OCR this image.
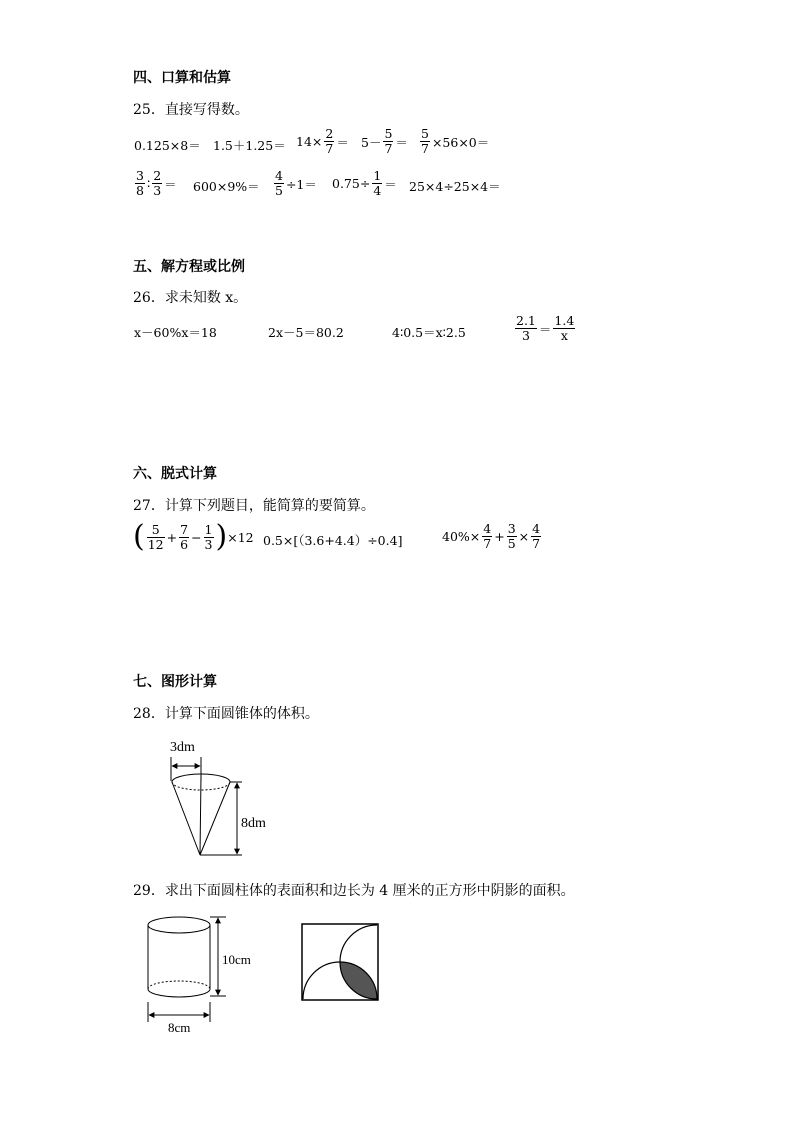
四、口算和估算
25．直接写得数。
$0.125\times 8= 1.5+1.25= 14\times \frac{2}{7} = 5- \frac{5}{7} = \frac{5}{7} \times 56\times 0=$
$\frac{3}{8}$ ∶ $\frac{2}{3} = 600\times 9\%= \frac{4}{5} \div 1= 0.75\div \frac{1}{4} = 25\times 4\div 25\times 4=$
五、解方程或比例
26．求未知数 x。
x－60%x＝18	2x－5＝80.2	4∶0.5＝x∶2.5	$\frac{2.1}{3} = \frac{1.4}{x}$
六、脱式计算
27．计算下列题目，能简算的要简算。
( $\frac{5}{12} + \frac{7}{6} - \frac{1}{3}$ ) ×12 0.5×[（3.6+4.4）÷0.4]	$40\%\times \frac{4}{7} + \frac{3}{5} \times \frac{4}{7}$
七、图形计算
28．计算下面圆锥体的体积。
3dm
8dm
29．求出下面圆柱体的表面积和边长为 4 厘米的正方形中阴影的面积。
10cm
8cm
